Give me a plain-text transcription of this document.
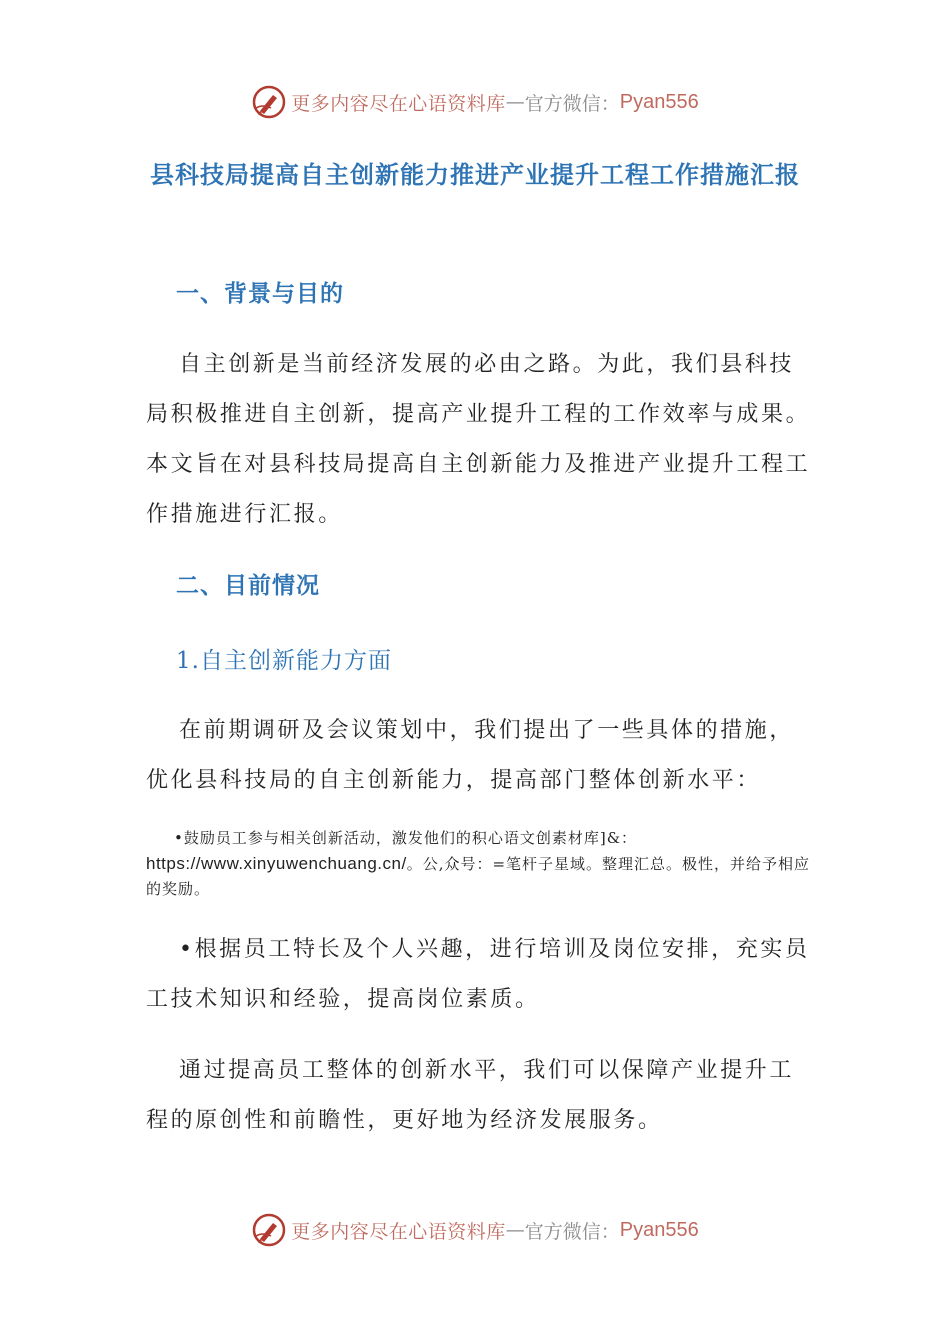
更多内容尽在心语资料库 — 官方微信： Pyan556
县科技局提高自主创新能力推进产业提升工程工作措施汇报
一、背景与目的

自主创新是当前经济发展的必由之路。为此，我们县科技局积极推进自主创新，提高产业提升工程的工作效率与成果。本文旨在对县科技局提高自主创新能力及推进产业提升工程工作措施进行汇报。

二、目前情况
1.自主创新能力方面

在前期调研及会议策划中，我们提出了一些具体的措施，优化县科技局的自主创新能力，提高部门整体创新水平：

•鼓励员工参与相关创新活动，激发他们的积心语文创素材库]&：https://www.xinyuwenchuang.cn/。公,众号：=笔杆子星域。整理汇总。极性，并给予相应的奖励。

•根据员工特长及个人兴趣，进行培训及岗位安排，充实员工技术知识和经验，提高岗位素质。

通过提高员工整体的创新水平，我们可以保障产业提升工程的原创性和前瞻性，更好地为经济发展服务。

更多内容尽在心语资料库 — 官方微信： Pyan556
